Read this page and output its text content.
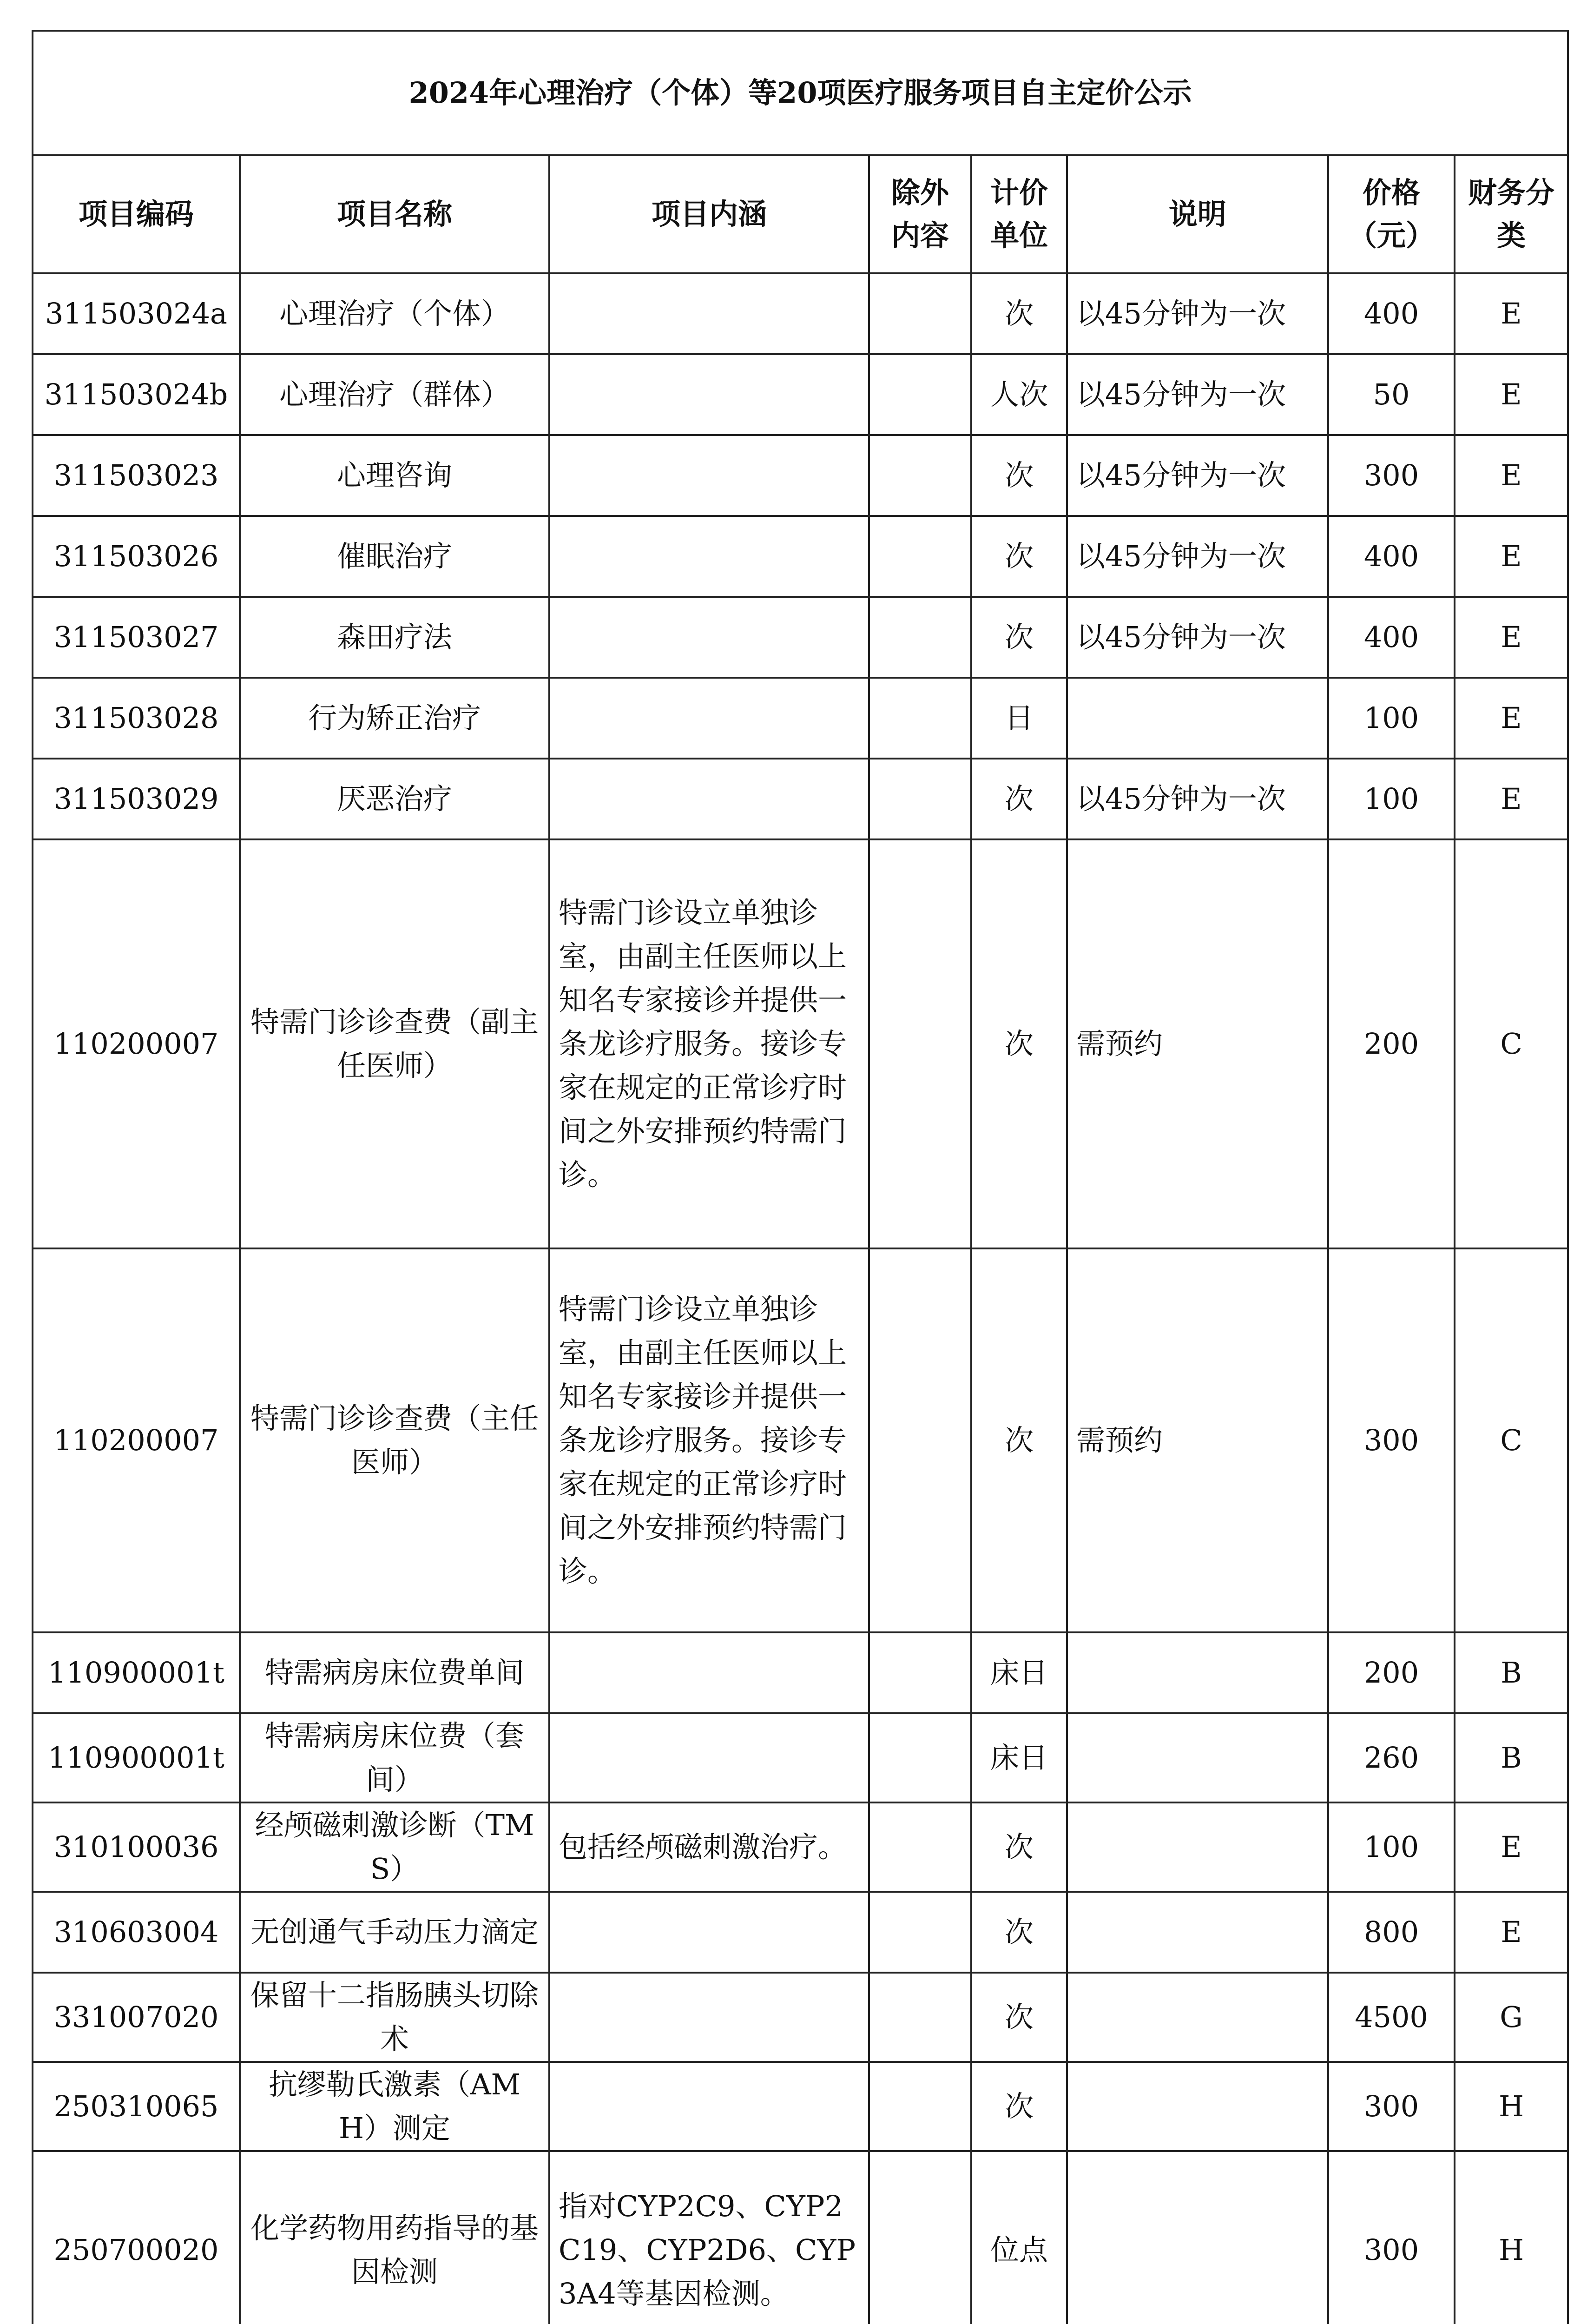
2024年心理治疗（个体）等20项医疗服务项目自主定价公示							
项目编码	项目名称	项目内涵	除外内容	计价单位	说明	价格（元）	财务分类
311503024a	心理治疗（个体）			次	以45分钟为一次	400	E
311503024b	心理治疗（群体）			人次	以45分钟为一次	50	E
311503023	心理咨询			次	以45分钟为一次	300	E
311503026	催眠治疗			次	以45分钟为一次	400	E
311503027	森田疗法			次	以45分钟为一次	400	E
311503028	行为矫正治疗			日		100	E
311503029	厌恶治疗			次	以45分钟为一次	100	E
110200007	特需门诊诊查费（副主任医师）	特需门诊设立单独诊室，由副主任医师以上知名专家接诊并提供一条龙诊疗服务。接诊专家在规定的正常诊疗时间之外安排预约特需门诊。		次	需预约	200	C
110200007	特需门诊诊查费（主任医师）	特需门诊设立单独诊室，由副主任医师以上知名专家接诊并提供一条龙诊疗服务。接诊专家在规定的正常诊疗时间之外安排预约特需门诊。		次	需预约	300	C
110900001t	特需病房床位费单间			床日		200	B
110900001t	特需病房床位费（套间）			床日		260	B
310100036	经颅磁刺激诊断（TMS）	包括经颅磁刺激治疗。		次		100	E
310603004	无创通气手动压力滴定			次		800	E
331007020	保留十二指肠胰头切除术			次		4500	G
250310065	抗缪勒氏激素（AMH）测定			次		300	H
250700020	化学药物用药指导的基因检测	指对CYP2C9、CYP2C19、CYP2D6、CYP3A4等基因检测。		位点		300	H
